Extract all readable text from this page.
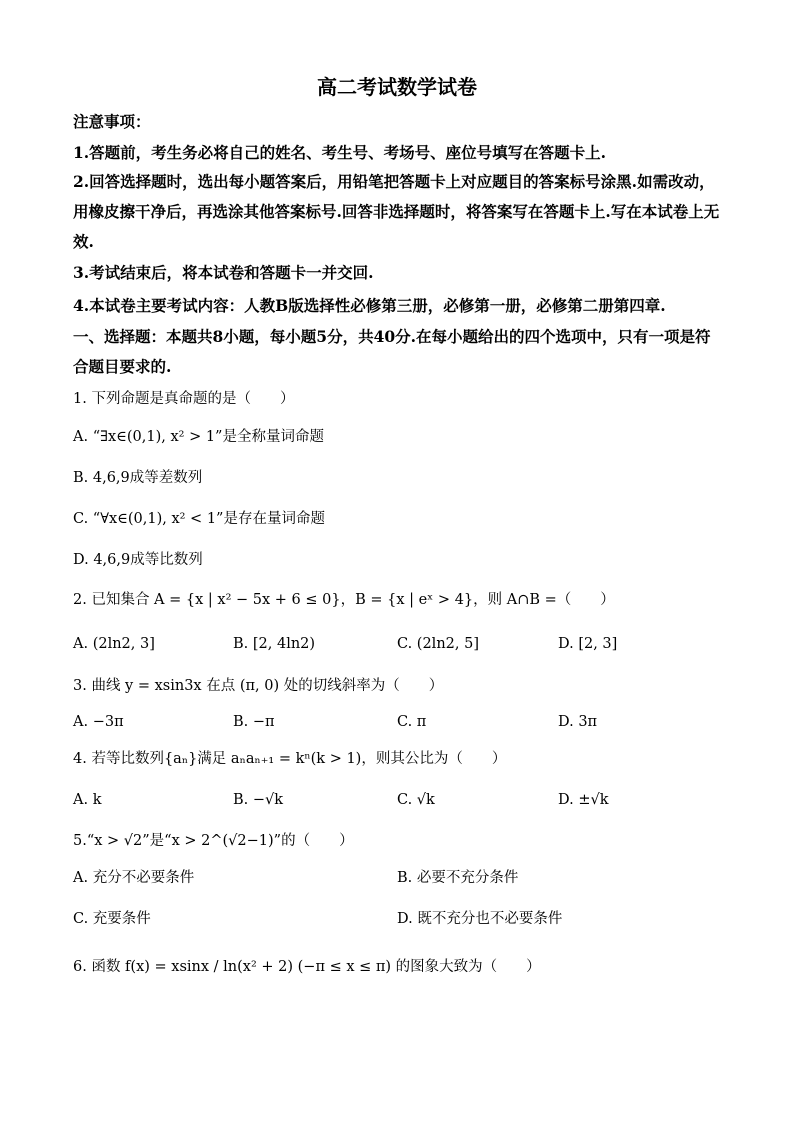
高二考试数学试卷
注意事项：
1.答题前，考生务必将自己的姓名、考生号、考场号、座位号填写在答题卡上.
2.回答选择题时，选出每小题答案后，用铅笔把答题卡上对应题目的答案标号涂黑.如需改动，用橡皮擦干净后，再选涂其他答案标号.回答非选择题时，将答案写在答题卡上.写在本试卷上无效.
3.考试结束后，将本试卷和答题卡一并交回.
4.本试卷主要考试内容：人教B版选择性必修第三册，必修第一册，必修第二册第四章.
一、选择题：本题共8小题，每小题5分，共40分.在每小题给出的四个选项中，只有一项是符合题目要求的.
1. 下列命题是真命题的是（　　）
A. “∃x∈(0,1), x² > 1”是全称量词命题
B. 4,6,9成等差数列
C. “∀x∈(0,1), x² < 1”是存在量词命题
D. 4,6,9成等比数列
2. 已知集合 A = {x | x² − 5x + 6 ≤ 0}，B = {x | eˣ > 4}，则 A∩B =（　　）
A. (2ln2, 3]	B. [2, 4ln2)	C. (2ln2, 5]	D. [2, 3]
3. 曲线 y = xsin3x 在点 (π, 0) 处的切线斜率为（　　）
A. −3π	B. −π	C. π	D. 3π
4. 若等比数列{aₙ}满足 aₙaₙ₊₁ = kⁿ(k > 1)，则其公比为（　　）
A. k	B. −√k	C. √k	D. ±√k
5.“x > √2”是“x > 2^(√2−1)”的（　　）
A. 充分不必要条件	B. 必要不充分条件
C. 充要条件	D. 既不充分也不必要条件
6. 函数 f(x) = xsinx / ln(x² + 2) (−π ≤ x ≤ π) 的图象大致为（　　）
